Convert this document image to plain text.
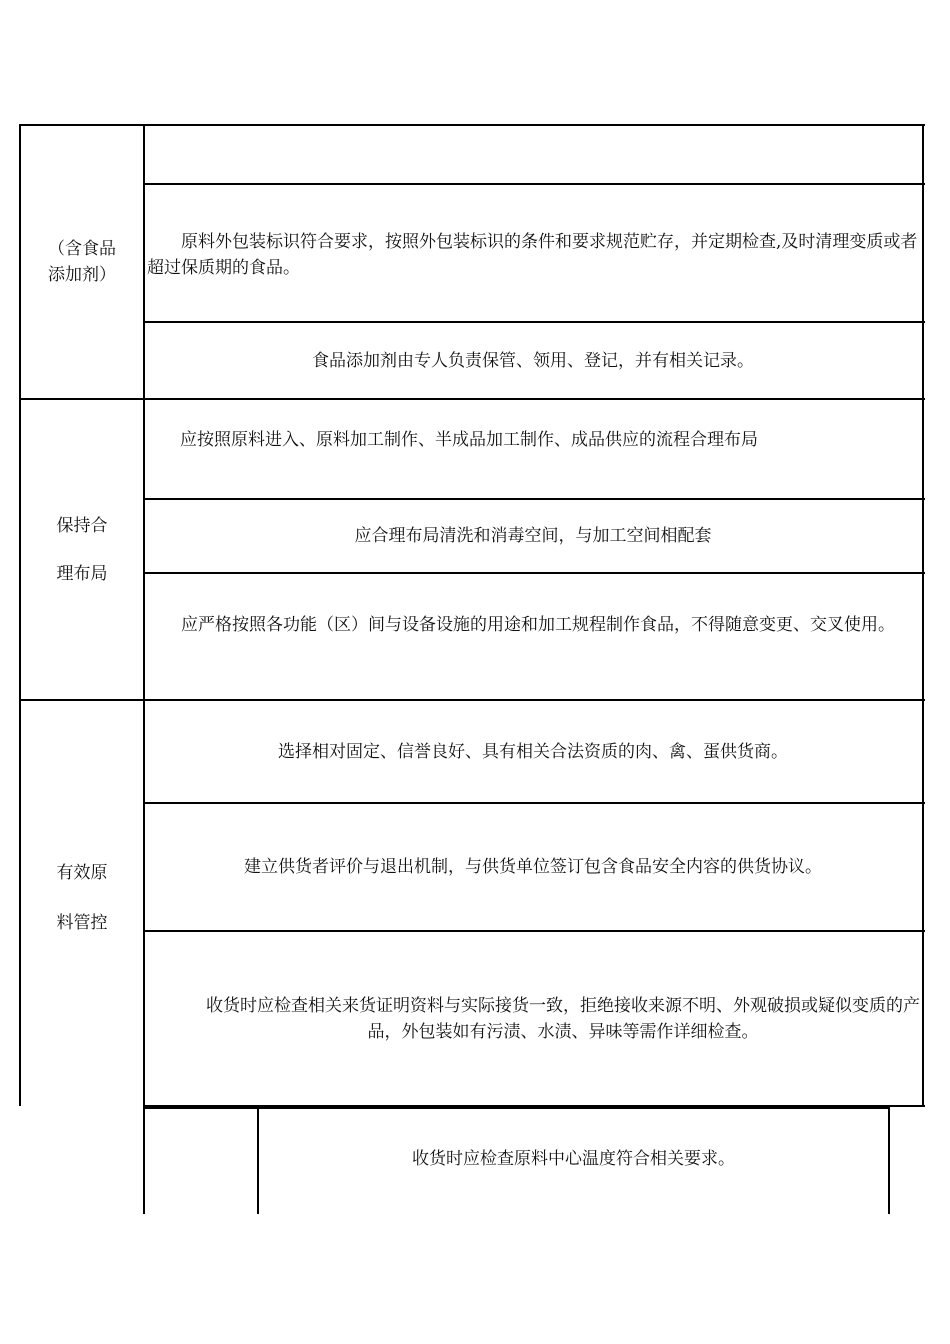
（含食品
添加剂）
原料外包装标识符合要求，按照外包装标识的条件和要求规范贮存，并定期检查,及时清理变质或者超过保质期的食品。
食品添加剂由专人负责保管、领用、登记，并有相关记录。
保持合
理布局
应按照原料进入、原料加工制作、半成品加工制作、成品供应的流程合理布局
应合理布局清洗和消毒空间，与加工空间相配套
应严格按照各功能（区）间与设备设施的用途和加工规程制作食品，不得随意变更、交叉使用。
有效原
料管控
选择相对固定、信誉良好、具有相关合法资质的肉、禽、蛋供货商。
建立供货者评价与退出机制，与供货单位签订包含食品安全内容的供货协议。
收货时应检查相关来货证明资料与实际接货一致，拒绝接收来源不明、外观破损或疑似变质的产品，外包装如有污渍、水渍、异味等需作详细检查。
收货时应检查原料中心温度符合相关要求。
